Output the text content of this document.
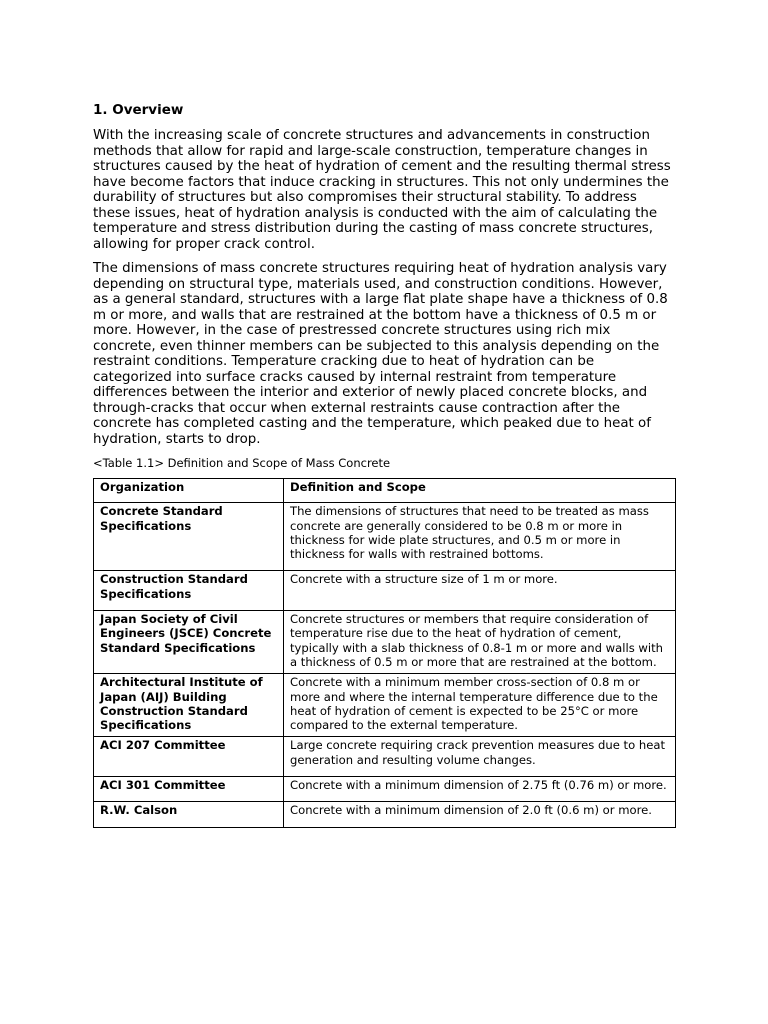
1. Overview

With the increasing scale of concrete structures and advancements in construction methods that allow for rapid and large-scale construction, temperature changes in structures caused by the heat of hydration of cement and the resulting thermal stress have become factors that induce cracking in structures. This not only undermines the durability of structures but also compromises their structural stability. To address these issues, heat of hydration analysis is conducted with the aim of calculating the temperature and stress distribution during the casting of mass concrete structures, allowing for proper crack control.

The dimensions of mass concrete structures requiring heat of hydration analysis vary depending on structural type, materials used, and construction conditions. However, as a general standard, structures with a large flat plate shape have a thickness of 0.8 m or more, and walls that are restrained at the bottom have a thickness of 0.5 m or more. However, in the case of prestressed concrete structures using rich mix concrete, even thinner members can be subjected to this analysis depending on the restraint conditions. Temperature cracking due to heat of hydration can be categorized into surface cracks caused by internal restraint from temperature differences between the interior and exterior of newly placed concrete blocks, and through-cracks that occur when external restraints cause contraction after the concrete has completed casting and the temperature, which peaked due to heat of hydration, starts to drop.

<Table 1.1> Definition and Scope of Mass Concrete
Organization	Definition and Scope
Concrete Standard Specifications	The dimensions of structures that need to be treated as mass concrete are generally considered to be 0.8 m or more in thickness for wide plate structures, and 0.5 m or more in thickness for walls with restrained bottoms.
Construction Standard Specifications	Concrete with a structure size of 1 m or more.
Japan Society of Civil Engineers (JSCE) Concrete Standard Specifications	Concrete structures or members that require consideration of temperature rise due to the heat of hydration of cement, typically with a slab thickness of 0.8-1 m or more and walls with a thickness of 0.5 m or more that are restrained at the bottom.
Architectural Institute of Japan (AIJ) Building Construction Standard Specifications	Concrete with a minimum member cross-section of 0.8 m or more and where the internal temperature difference due to the heat of hydration of cement is expected to be 25°C or more compared to the external temperature.
ACI 207 Committee	Large concrete requiring crack prevention measures due to heat generation and resulting volume changes.
ACI 301 Committee	Concrete with a minimum dimension of 2.75 ft (0.76 m) or more.
R.W. Calson	Concrete with a minimum dimension of 2.0 ft (0.6 m) or more.
